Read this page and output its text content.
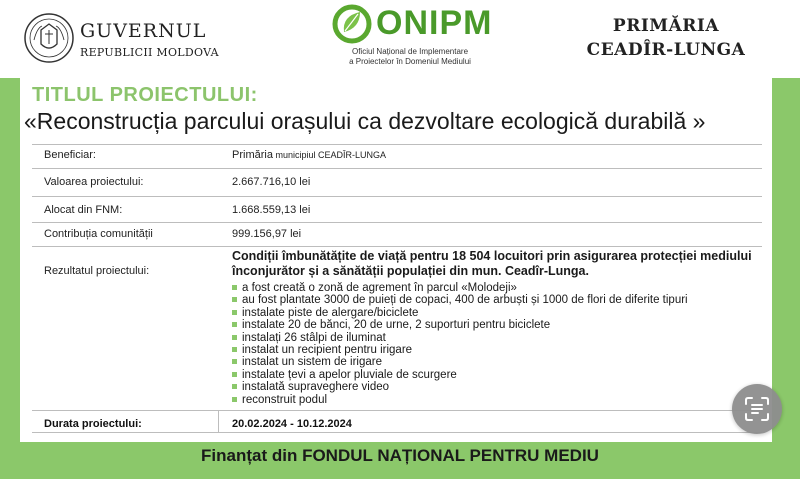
GUVERNUL
REPUBLICII MOLDOVA
ONIPM
Oficiul Național de Implementare
a Proiectelor în Domeniul Mediului
PRIMĂRIA
CEADÎR-LUNGA
TITLUL PROIECTULUI:
«Reconstrucția parcului orașului ca dezvoltare ecologică durabilă »
Beneficiar:	Primăria municipiul CEADÎR-LUNGA
Valoarea proiectului:	2.667.716,10 lei
Alocat din FNM:	1.668.559,13 lei
Contribuția comunității	999.156,97 lei
Rezultatul proiectului:
Condiții îmbunătățite de viață pentru 18 504 locuitori prin asigurarea protecției mediului înconjurător și a sănătății populației din mun. Ceadîr-Lunga.
a fost creată o zonă de agrement în parcul «Molodeji»
au fost plantate 3000 de puieți de copaci, 400 de arbuști și 1000 de flori de diferite tipuri
instalate piste de alergare/biciclete
instalate 20 de bănci, 20 de urne, 2 suporturi pentru biciclete
instalați 26 stâlpi de iluminat
instalat un recipient pentru irigare
instalat un sistem de irigare
instalate țevi a apelor pluviale de scurgere
instalată supraveghere video
reconstruit podul
Durata proiectului:	20.02.2024 - 10.12.2024
Finanțat din FONDUL NAȚIONAL PENTRU MEDIU
